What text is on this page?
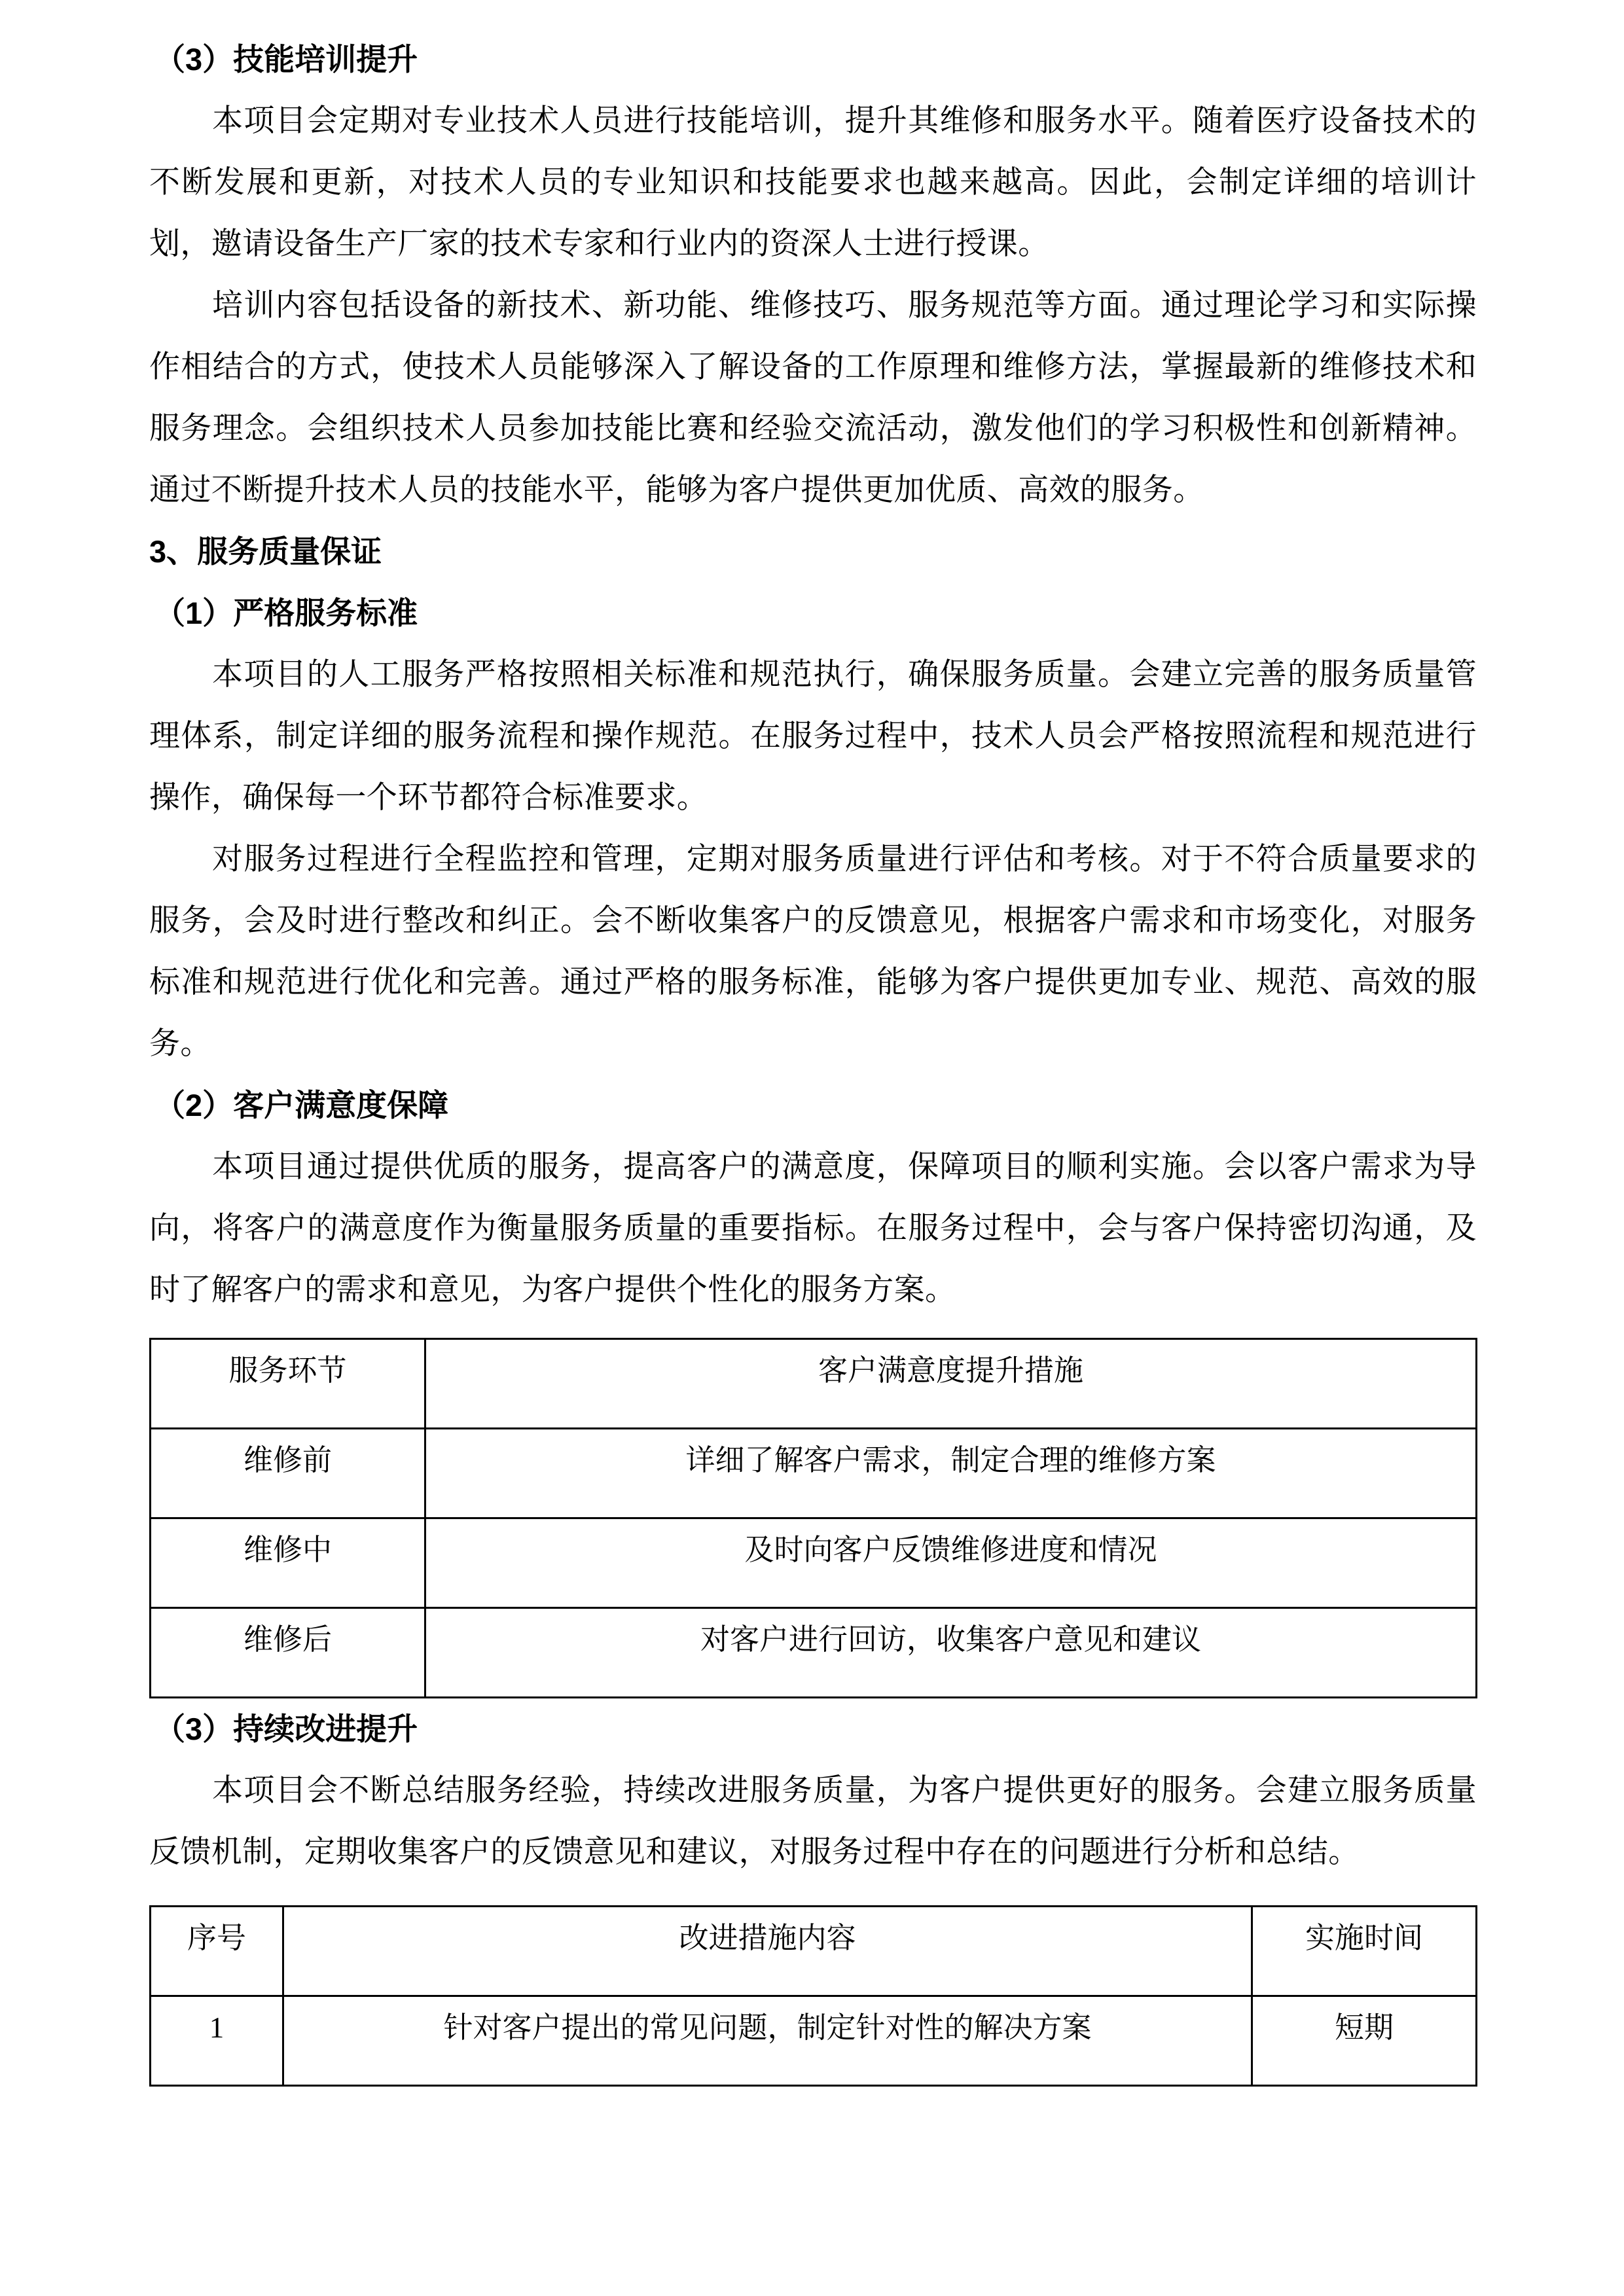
（3）技能培训提升

本项目会定期对专业技术人员进行技能培训，提升其维修和服务水平。随着医疗设备技术的不断发展和更新，对技术人员的专业知识和技能要求也越来越高。因此，会制定详细的培训计划，邀请设备生产厂家的技术专家和行业内的资深人士进行授课。

培训内容包括设备的新技术、新功能、维修技巧、服务规范等方面。通过理论学习和实际操作相结合的方式，使技术人员能够深入了解设备的工作原理和维修方法，掌握最新的维修技术和服务理念。会组织技术人员参加技能比赛和经验交流活动，激发他们的学习积极性和创新精神。通过不断提升技术人员的技能水平，能够为客户提供更加优质、高效的服务。

3、服务质量保证
（1）严格服务标准

本项目的人工服务严格按照相关标准和规范执行，确保服务质量。会建立完善的服务质量管理体系，制定详细的服务流程和操作规范。在服务过程中，技术人员会严格按照流程和规范进行操作，确保每一个环节都符合标准要求。

对服务过程进行全程监控和管理，定期对服务质量进行评估和考核。对于不符合质量要求的服务，会及时进行整改和纠正。会不断收集客户的反馈意见，根据客户需求和市场变化，对服务标准和规范进行优化和完善。通过严格的服务标准，能够为客户提供更加专业、规范、高效的服务。

（2）客户满意度保障

本项目通过提供优质的服务，提高客户的满意度，保障项目的顺利实施。会以客户需求为导向，将客户的满意度作为衡量服务质量的重要指标。在服务过程中，会与客户保持密切沟通，及时了解客户的需求和意见，为客户提供个性化的服务方案。

服务环节	客户满意度提升措施
维修前	详细了解客户需求，制定合理的维修方案
维修中	及时向客户反馈维修进度和情况
维修后	对客户进行回访，收集客户意见和建议
（3）持续改进提升

本项目会不断总结服务经验，持续改进服务质量，为客户提供更好的服务。会建立服务质量反馈机制，定期收集客户的反馈意见和建议，对服务过程中存在的问题进行分析和总结。

序号	改进措施内容	实施时间
1	针对客户提出的常见问题，制定针对性的解决方案	短期
